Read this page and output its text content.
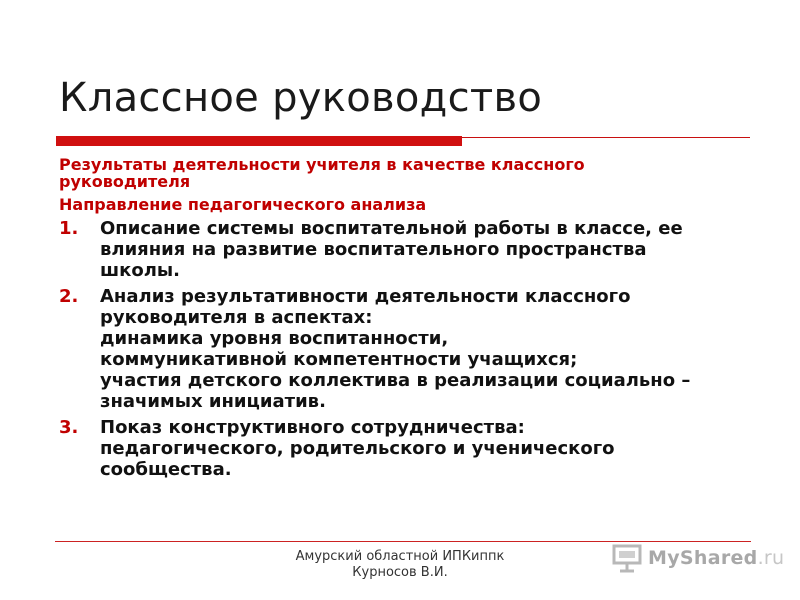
Классное руководство
Результаты деятельности учителя в качестве классного
руководителя
Направление педагогического анализа
1. Описание системы воспитательной работы в классе, ее
влияния на развитие воспитательного пространства
школы.
2. Анализ результативности деятельности классного
руководителя в аспектах:
динамика уровня воспитанности,
коммуникативной компетентности учащихся;
участия детского коллектива в реализации социально –
значимых инициатив.
3. Показ конструктивного сотрудничества:
педагогического, родительского и ученического
сообщества.
Амурский областной ИПКиппк
Курносов В.И.
MyShared.ru
